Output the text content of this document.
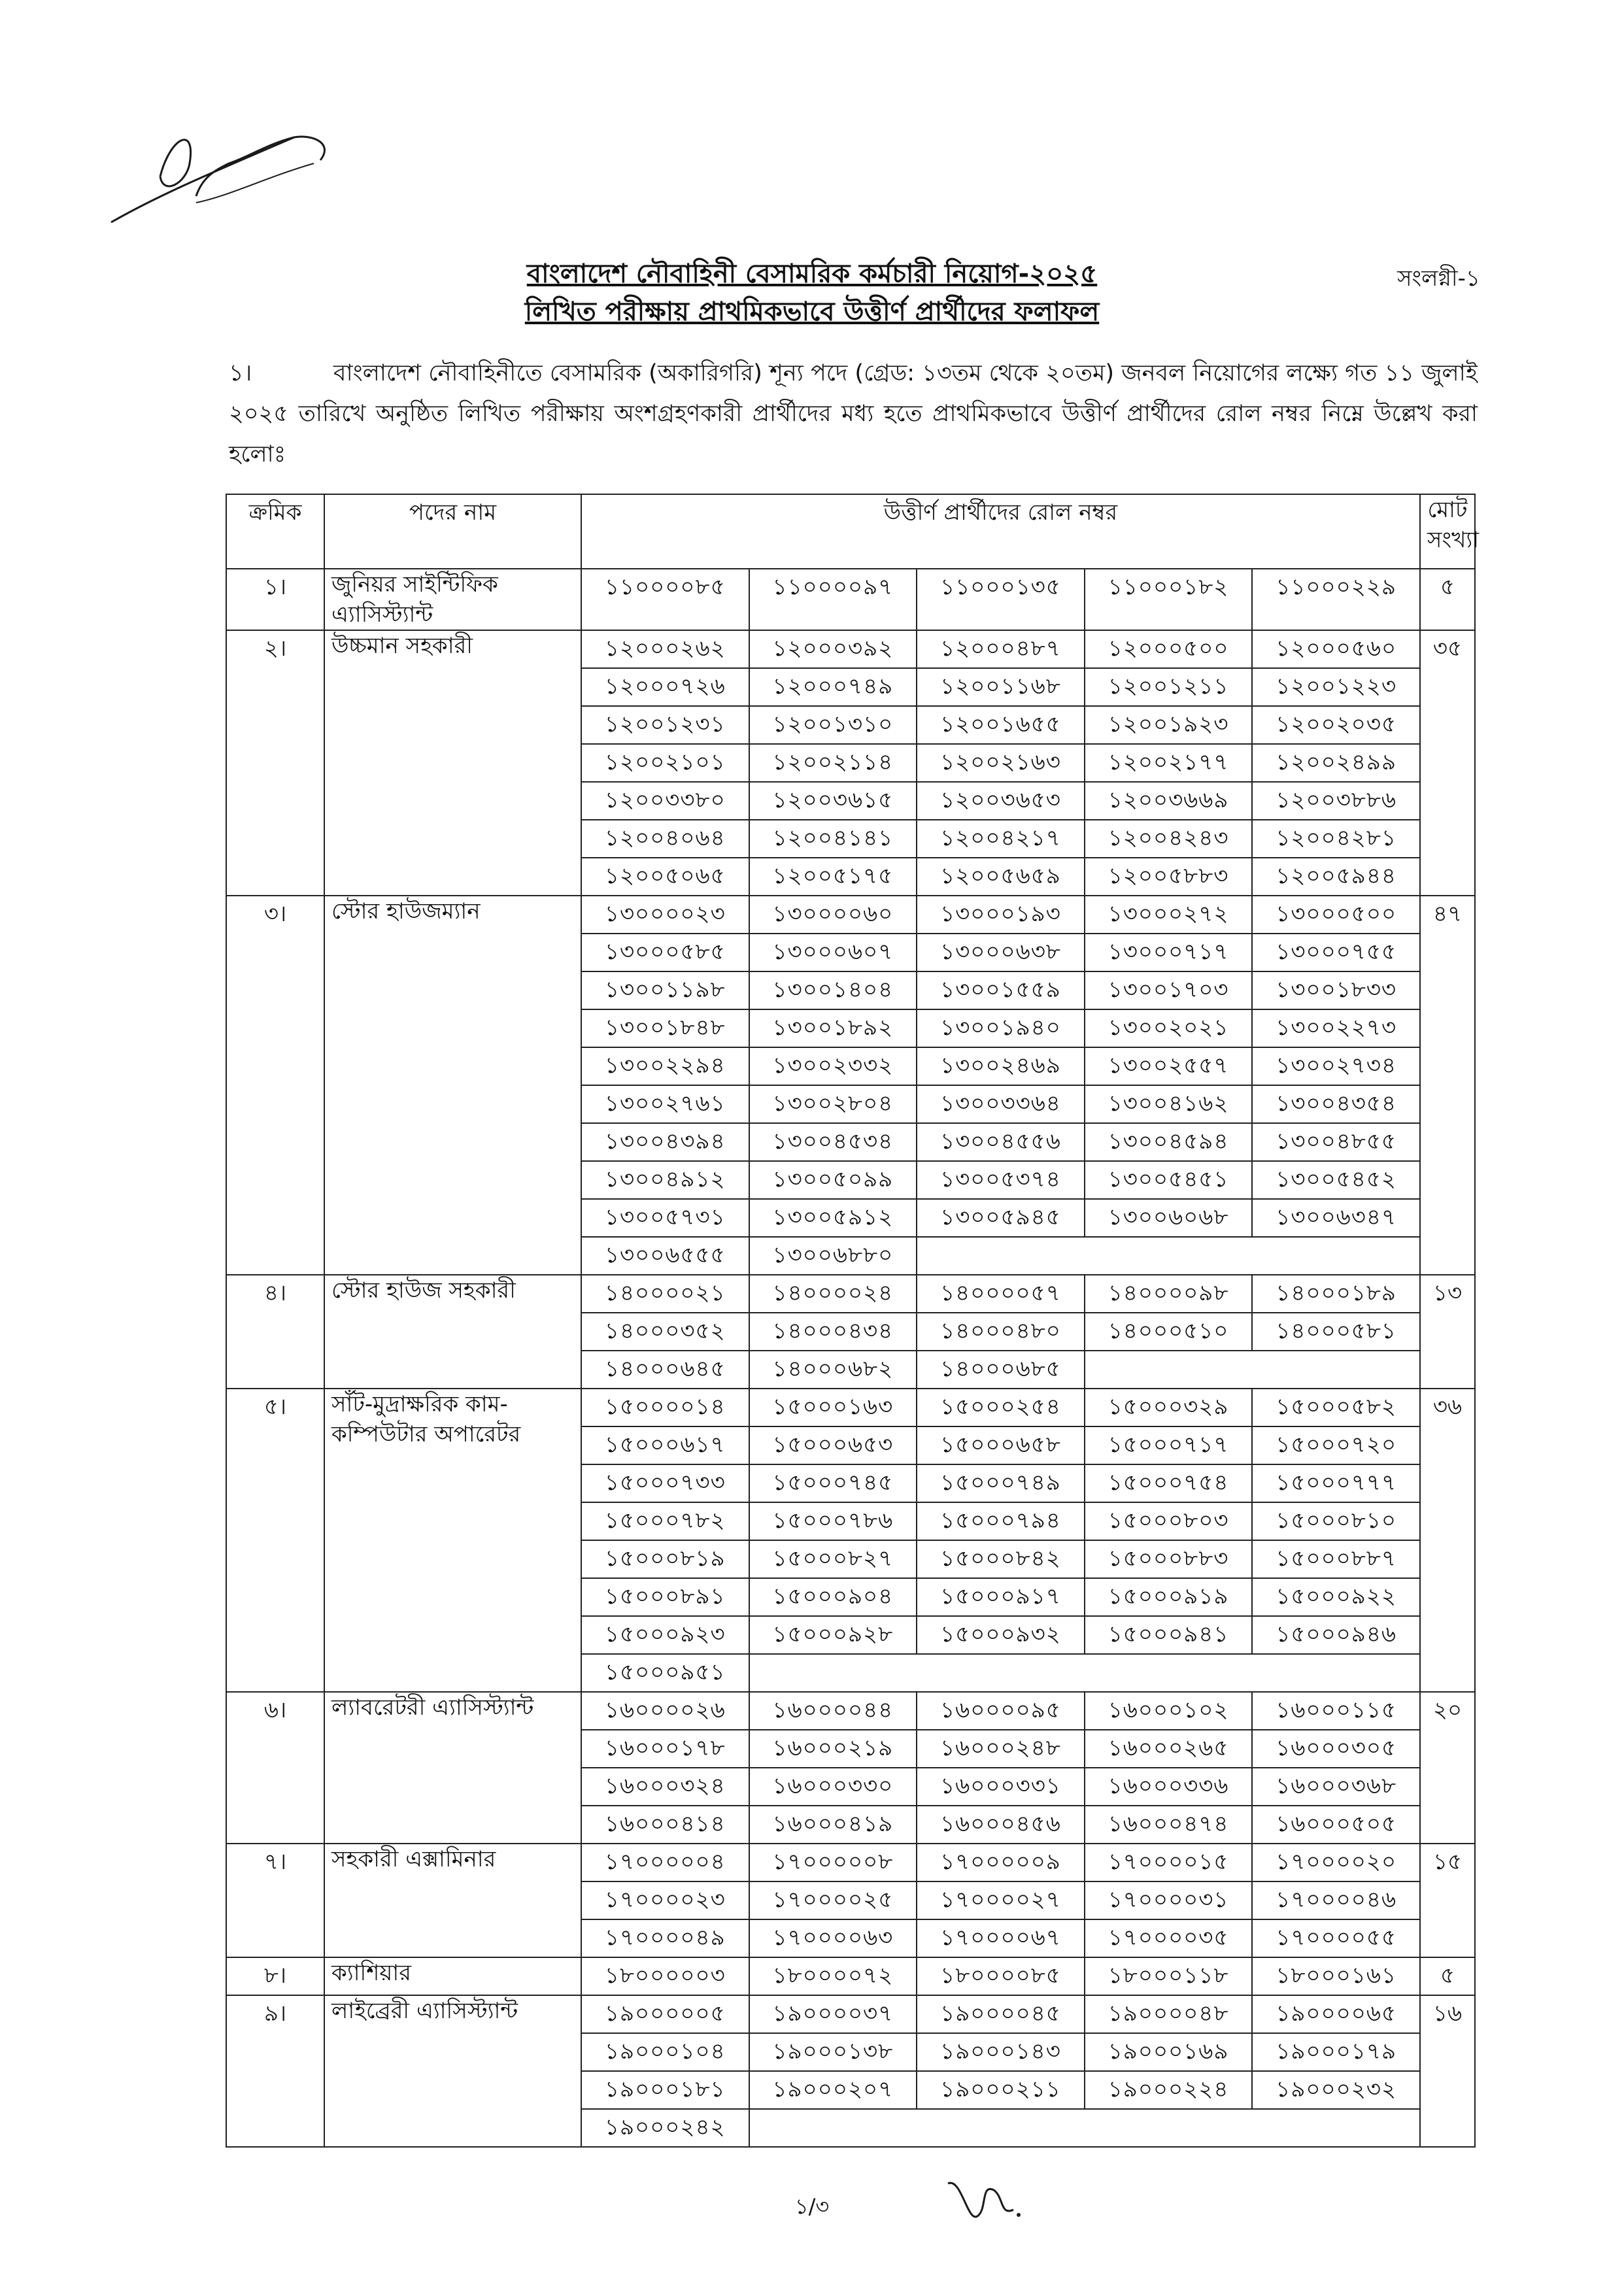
বাংলাদেশ নৌবাহিনী বেসামরিক কর্মচারী নিয়োগ-২০২৫
লিখিত পরীক্ষায় প্রাথমিকভাবে উত্তীর্ণ প্রার্থীদের ফলাফল
সংলগ্নী-১
১।	বাংলাদেশ নৌবাহিনীতে বেসামরিক (অকারিগরি) শূন্য পদে (গ্রেড: ১৩তম থেকে ২০তম) জনবল নিয়োগের লক্ষ্যে গত ১১ জুলাই ২০২৫ তারিখে অনুষ্ঠিত লিখিত পরীক্ষায় অংশগ্রহণকারী প্রার্থীদের মধ্য হতে প্রাথমিকভাবে উত্তীর্ণ প্রার্থীদের রোল নম্বর নিম্নে উল্লেখ করা হলোঃ
ক্রমিক	পদের নাম	উত্তীর্ণ প্রার্থীদের রোল নম্বর					মোট সংখ্যা
১।	জুনিয়র সাইন্টিফিক এ্যাসিস্ট্যান্ট	১১০০০০৮৫	১১০০০০৯৭	১১০০০১৩৫	১১০০০১৮২	১১০০০২২৯	৫
২।	উচ্চমান সহকারী	১২০০০২৬২	১২০০০৩৯২	১২০০০৪৮৭	১২০০০৫০০	১২০০০৫৬০	৩৫
		১২০০০৭২৬	১২০০০৭৪৯	১২০০১১৬৮	১২০০১২১১	১২০০১২২৩	
		১২০০১২৩১	১২০০১৩১০	১২০০১৬৫৫	১২০০১৯২৩	১২০০২০৩৫	
		১২০০২১০১	১২০০২১১৪	১২০০২১৬৩	১২০০২১৭৭	১২০০২৪৯৯	
		১২০০৩৩৮০	১২০০৩৬১৫	১২০০৩৬৫৩	১২০০৩৬৬৯	১২০০৩৮৮৬	
		১২০০৪০৬৪	১২০০৪১৪১	১২০০৪২১৭	১২০০৪২৪৩	১২০০৪২৮১	
		১২০০৫০৬৫	১২০০৫১৭৫	১২০০৫৬৫৯	১২০০৫৮৮৩	১২০০৫৯৪৪	
৩।	স্টোর হাউজম্যান	১৩০০০০২৩	১৩০০০০৬০	১৩০০০১৯৩	১৩০০০২৭২	১৩০০০৫০০	৪৭
		১৩০০০৫৮৫	১৩০০০৬০৭	১৩০০০৬৩৮	১৩০০০৭১৭	১৩০০০৭৫৫	
		১৩০০১১৯৮	১৩০০১৪০৪	১৩০০১৫৫৯	১৩০০১৭০৩	১৩০০১৮৩৩	
		১৩০০১৮৪৮	১৩০০১৮৯২	১৩০০১৯৪০	১৩০০২০২১	১৩০০২২৭৩	
		১৩০০২২৯৪	১৩০০২৩৩২	১৩০০২৪৬৯	১৩০০২৫৫৭	১৩০০২৭৩৪	
		১৩০০২৭৬১	১৩০০২৮০৪	১৩০০৩৩৬৪	১৩০০৪১৬২	১৩০০৪৩৫৪	
		১৩০০৪৩৯৪	১৩০০৪৫৩৪	১৩০০৪৫৫৬	১৩০০৪৫৯৪	১৩০০৪৮৫৫	
		১৩০০৪৯১২	১৩০০৫০৯৯	১৩০০৫৩৭৪	১৩০০৫৪৫১	১৩০০৫৪৫২	
		১৩০০৫৭৩১	১৩০০৫৯১২	১৩০০৫৯৪৫	১৩০০৬০৬৮	১৩০০৬৩৪৭	
		১৩০০৬৫৫৫	১৩০০৬৮৮০				
৪।	স্টোর হাউজ সহকারী	১৪০০০০২১	১৪০০০০২৪	১৪০০০০৫৭	১৪০০০০৯৮	১৪০০০১৮৯	১৩
		১৪০০০৩৫২	১৪০০০৪৩৪	১৪০০০৪৮০	১৪০০০৫১০	১৪০০০৫৮১	
		১৪০০০৬৪৫	১৪০০০৬৮২	১৪০০০৬৮৫			
৫।	সাঁট-মুদ্রাক্ষরিক কাম-কম্পিউটার অপারেটর	১৫০০০০১৪	১৫০০০১৬৩	১৫০০০২৫৪	১৫০০০৩২৯	১৫০০০৫৮২	৩৬
		১৫০০০৬১৭	১৫০০০৬৫৩	১৫০০০৬৫৮	১৫০০০৭১৭	১৫০০০৭২০	
		১৫০০০৭৩৩	১৫০০০৭৪৫	১৫০০০৭৪৯	১৫০০০৭৫৪	১৫০০০৭৭৭	
		১৫০০০৭৮২	১৫০০০৭৮৬	১৫০০০৭৯৪	১৫০০০৮০৩	১৫০০০৮১০	
		১৫০০০৮১৯	১৫০০০৮২৭	১৫০০০৮৪২	১৫০০০৮৮৩	১৫০০০৮৮৭	
		১৫০০০৮৯১	১৫০০০৯০৪	১৫০০০৯১৭	১৫০০০৯১৯	১৫০০০৯২২	
		১৫০০০৯২৩	১৫০০০৯২৮	১৫০০০৯৩২	১৫০০০৯৪১	১৫০০০৯৪৬	
		১৫০০০৯৫১					
৬।	ল্যাবরেটরী এ্যাসিস্ট্যান্ট	১৬০০০০২৬	১৬০০০০৪৪	১৬০০০০৯৫	১৬০০০১০২	১৬০০০১১৫	২০
		১৬০০০১৭৮	১৬০০০২১৯	১৬০০০২৪৮	১৬০০০২৬৫	১৬০০০৩০৫	
		১৬০০০৩২৪	১৬০০০৩৩০	১৬০০০৩৩১	১৬০০০৩৩৬	১৬০০০৩৬৮	
		১৬০০০৪১৪	১৬০০০৪১৯	১৬০০০৪৫৬	১৬০০০৪৭৪	১৬০০০৫০৫	
৭।	সহকারী এক্সামিনার	১৭০০০০০৪	১৭০০০০০৮	১৭০০০০০৯	১৭০০০০১৫	১৭০০০০২০	১৫
		১৭০০০০২৩	১৭০০০০২৫	১৭০০০০২৭	১৭০০০০৩১	১৭০০০০৪৬	
		১৭০০০০৪৯	১৭০০০০৬৩	১৭০০০০৬৭	১৭০০০০৩৫	১৭০০০০৫৫	
৮।	ক্যাশিয়ার	১৮০০০০০৩	১৮০০০০৭২	১৮০০০০৮৫	১৮০০০১১৮	১৮০০০১৬১	৫
৯।	লাইব্রেরী এ্যাসিস্ট্যান্ট	১৯০০০০০৫	১৯০০০০৩৭	১৯০০০০৪৫	১৯০০০০৪৮	১৯০০০০৬৫	১৬
		১৯০০০১০৪	১৯০০০১৩৮	১৯০০০১৪৩	১৯০০০১৬৯	১৯০০০১৭৯	
		১৯০০০১৮১	১৯০০০২০৭	১৯০০০২১১	১৯০০০২২৪	১৯০০০২৩২	
		১৯০০০২৪২					
১/৩
